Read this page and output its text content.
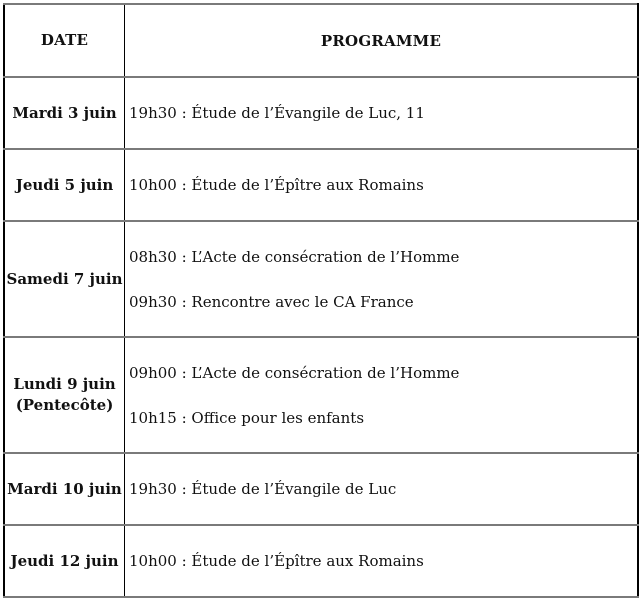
DATE	PROGRAMME

Mardi 3 juin	19h30 : Étude de l’Évangile de Luc, 11

Jeudi 5 juin	10h00 : Étude de l’Épître aux Romains

Samedi 7 juin	08h30 : L’Acte de consécration de l’Homme
09h30 : Rencontre avec le CA France

Lundi 9 juin
(Pentecôte)	09h00 : L’Acte de consécration de l’Homme
10h15 : Office pour les enfants

Mardi 10 juin	19h30 : Étude de l’Évangile de Luc

Jeudi 12 juin	10h00 : Étude de l’Épître aux Romains
